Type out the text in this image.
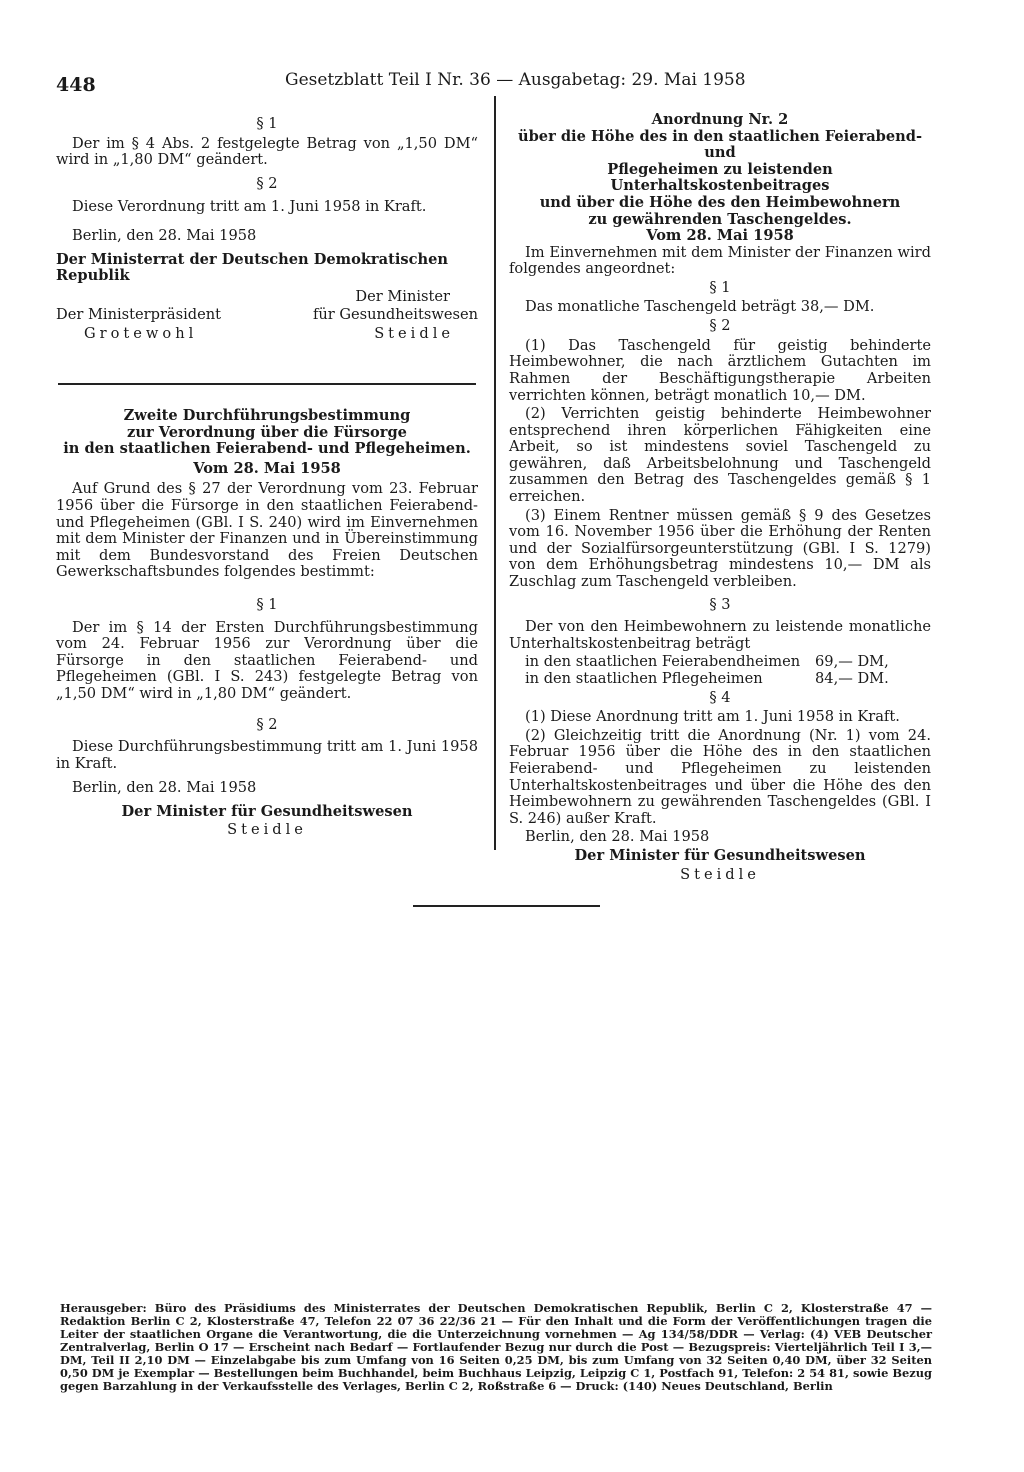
448	Gesetzblatt Teil I Nr. 36 — Ausgabetag: 29. Mai 1958

§ 1

Der im § 4 Abs. 2 festgelegte Betrag von „1,50 DM“ wird in „1,80 DM“ geändert.

§ 2

Diese Verordnung tritt am 1. Juni 1958 in Kraft.

Berlin, den 28. Mai 1958

Der Ministerrat der Deutschen Demokratischen Republik

Der Minister

Der Ministerpräsident	für Gesundheitswesen
Grotewohl	Steidle

Zweite Durchführungsbestimmung

zur Verordnung über die Fürsorge

in den staatlichen Feierabend- und Pflegeheimen.

Vom 28. Mai 1958

Auf Grund des § 27 der Verordnung vom 23. Februar 1956 über die Fürsorge in den staatlichen Feierabend- und Pflegeheimen (GBl. I S. 240) wird im Einvernehmen mit dem Minister der Finanzen und in Übereinstimmung mit dem Bundesvorstand des Freien Deutschen Gewerkschaftsbundes folgendes bestimmt:

§ 1

Der im § 14 der Ersten Durchführungsbestimmung vom 24. Februar 1956 zur Verordnung über die Fürsorge in den staatlichen Feierabend- und Pflegeheimen (GBl. I S. 243) festgelegte Betrag von „1,50 DM“ wird in „1,80 DM“ geändert.

§ 2

Diese Durchführungsbestimmung tritt am 1. Juni 1958 in Kraft.

Berlin, den 28. Mai 1958

Der Minister für Gesundheitswesen

Steidle

Anordnung Nr. 2

über die Höhe des in den staatlichen Feierabend- und

Pflegeheimen zu leistenden Unterhaltskostenbeitrages

und über die Höhe des den Heimbewohnern

zu gewährenden Taschengeldes.

Vom 28. Mai 1958

Im Einvernehmen mit dem Minister der Finanzen wird folgendes angeordnet:

§ 1

Das monatliche Taschengeld beträgt 38,— DM.

§ 2

(1) Das Taschengeld für geistig behinderte Heimbewohner, die nach ärztlichem Gutachten im Rahmen der Beschäftigungstherapie Arbeiten verrichten können, beträgt monatlich 10,— DM.

(2) Verrichten geistig behinderte Heimbewohner entsprechend ihren körperlichen Fähigkeiten eine Arbeit, so ist mindestens soviel Taschengeld zu gewähren, daß Arbeitsbelohnung und Taschengeld zusammen den Betrag des Taschengeldes gemäß § 1 erreichen.

(3) Einem Rentner müssen gemäß § 9 des Gesetzes vom 16. November 1956 über die Erhöhung der Renten und der Sozialfürsorgeunterstützung (GBl. I S. 1279) von dem Erhöhungsbetrag mindestens 10,— DM als Zuschlag zum Taschengeld verbleiben.

§ 3

Der von den Heimbewohnern zu leistende monatliche Unterhaltskostenbeitrag beträgt

in den staatlichen Feierabendheimen	69,— DM,
in den staatlichen Pflegeheimen	84,— DM.

§ 4

(1) Diese Anordnung tritt am 1. Juni 1958 in Kraft.

(2) Gleichzeitig tritt die Anordnung (Nr. 1) vom 24. Februar 1956 über die Höhe des in den staatlichen Feierabend- und Pflegeheimen zu leistenden Unterhaltskostenbeitrages und über die Höhe des den Heimbewohnern zu gewährenden Taschengeldes (GBl. I S. 246) außer Kraft.

Berlin, den 28. Mai 1958

Der Minister für Gesundheitswesen

Steidle

Herausgeber: Büro des Präsidiums des Ministerrates der Deutschen Demokratischen Republik, Berlin C 2, Klosterstraße 47 — Redaktion Berlin C 2, Klosterstraße 47, Telefon 22 07 36 22/36 21 — Für den Inhalt und die Form der Veröffentlichungen tragen die Leiter der staatlichen Organe die Verantwortung, die die Unterzeichnung vornehmen — Ag 134/58/DDR — Verlag: (4) VEB Deutscher Zentralverlag, Berlin O 17 — Erscheint nach Bedarf — Fortlaufender Bezug nur durch die Post — Bezugspreis: Vierteljährlich Teil I 3,— DM, Teil II 2,10 DM — Einzelabgabe bis zum Umfang von 16 Seiten 0,25 DM, bis zum Umfang von 32 Seiten 0,40 DM, über 32 Seiten 0,50 DM je Exemplar — Bestellungen beim Buchhandel, beim Buchhaus Leipzig, Leipzig C 1, Postfach 91, Telefon: 2 54 81, sowie Bezug gegen Barzahlung in der Verkaufsstelle des Verlages, Berlin C 2, Roßstraße 6 — Druck: (140) Neues Deutschland, Berlin
